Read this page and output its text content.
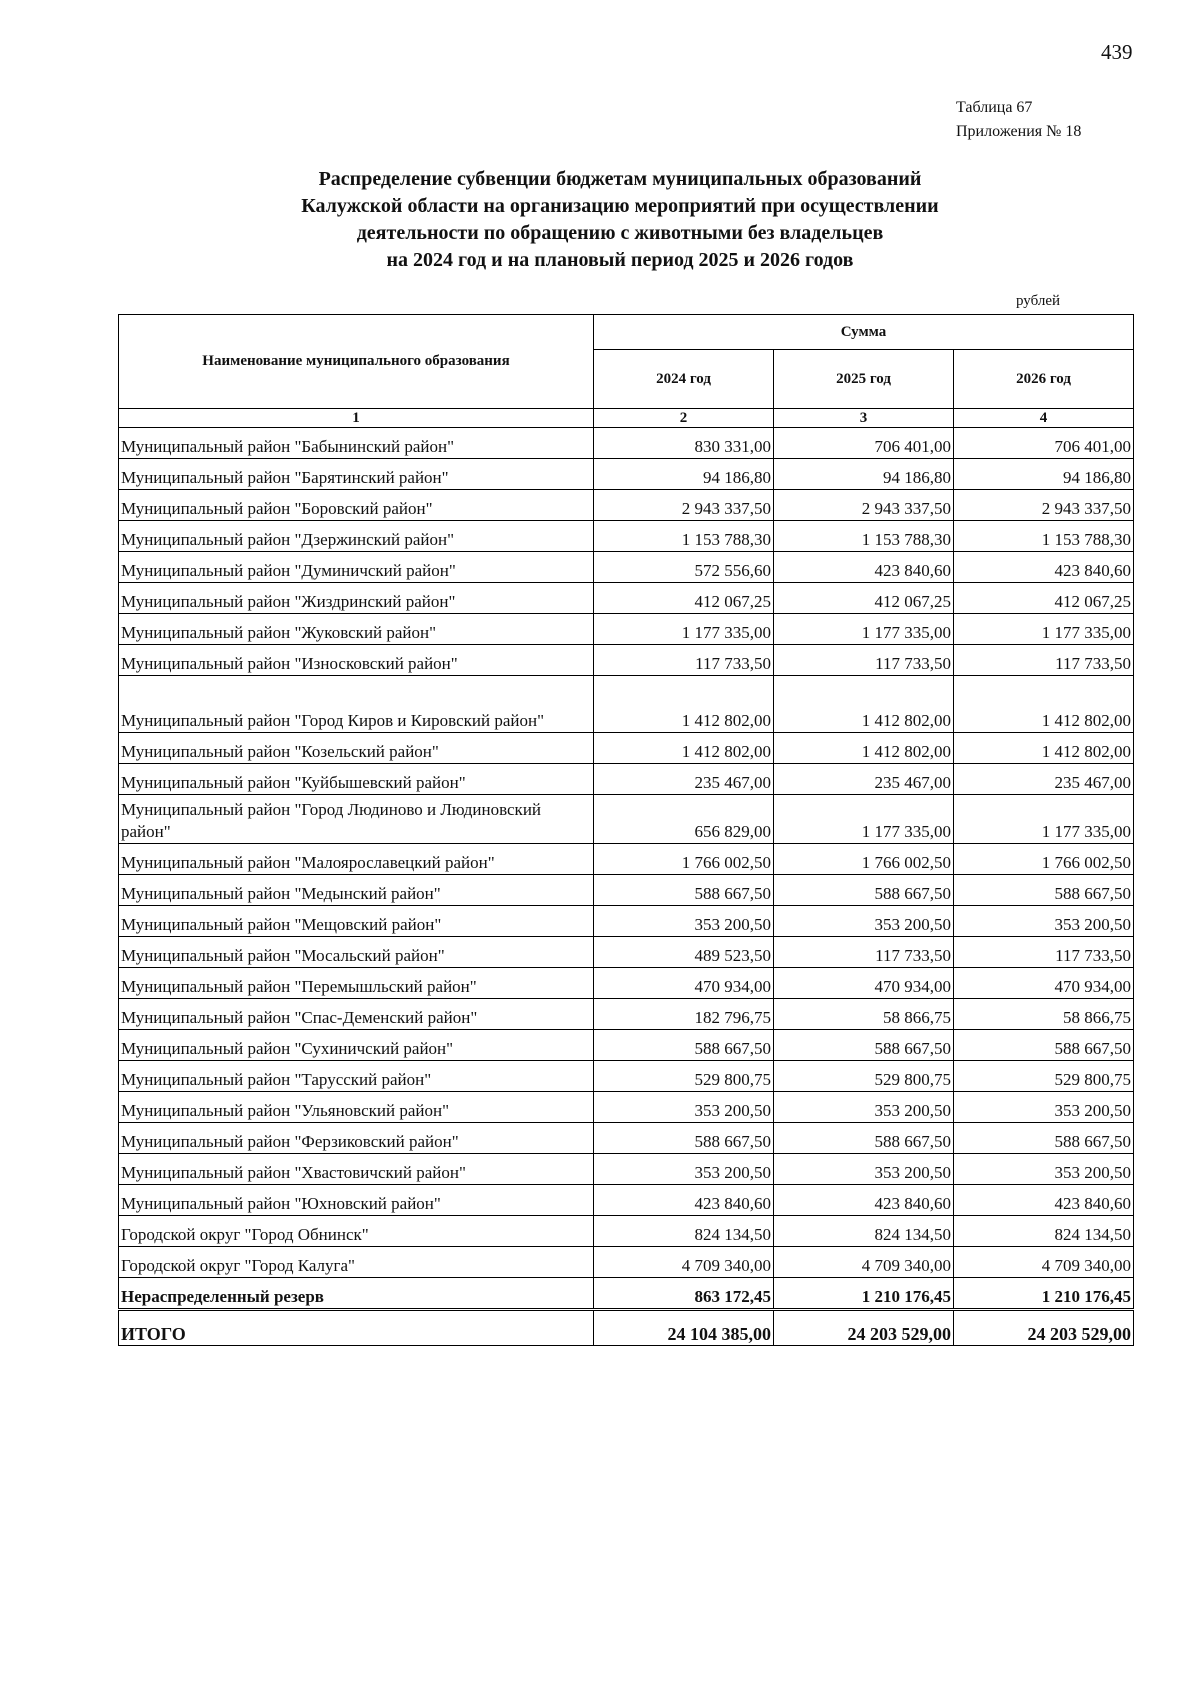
439
Таблица 67
Приложения № 18
Распределение субвенции бюджетам муниципальных образований
Калужской области на организацию мероприятий при осуществлении
деятельности по обращению с животными без владельцев
на 2024 год и на плановый период 2025 и 2026 годов
рублей
Наименование муниципального образования	Сумма		
	2024 год	2025 год	2026 год
1	2	3	4
Муниципальный район "Бабынинский район"	830 331,00	706 401,00	706 401,00
Муниципальный район "Барятинский район"	94 186,80	94 186,80	94 186,80
Муниципальный район "Боровский район"	2 943 337,50	2 943 337,50	2 943 337,50
Муниципальный район "Дзержинский район"	1 153 788,30	1 153 788,30	1 153 788,30
Муниципальный район "Думиничский район"	572 556,60	423 840,60	423 840,60
Муниципальный район "Жиздринский район"	412 067,25	412 067,25	412 067,25
Муниципальный район "Жуковский район"	1 177 335,00	1 177 335,00	1 177 335,00
Муниципальный район "Износковский район"	117 733,50	117 733,50	117 733,50
Муниципальный район "Город Киров и Кировский район"	1 412 802,00	1 412 802,00	1 412 802,00
Муниципальный район "Козельский район"	1 412 802,00	1 412 802,00	1 412 802,00
Муниципальный район "Куйбышевский район"	235 467,00	235 467,00	235 467,00
Муниципальный район "Город Людиново и Людиновский район"	656 829,00	1 177 335,00	1 177 335,00
Муниципальный район "Малоярославецкий район"	1 766 002,50	1 766 002,50	1 766 002,50
Муниципальный район "Медынский район"	588 667,50	588 667,50	588 667,50
Муниципальный район "Мещовский район"	353 200,50	353 200,50	353 200,50
Муниципальный район "Мосальский район"	489 523,50	117 733,50	117 733,50
Муниципальный район "Перемышльский район"	470 934,00	470 934,00	470 934,00
Муниципальный район "Спас-Деменский район"	182 796,75	58 866,75	58 866,75
Муниципальный район "Сухиничский район"	588 667,50	588 667,50	588 667,50
Муниципальный район "Тарусский район"	529 800,75	529 800,75	529 800,75
Муниципальный район "Ульяновский район"	353 200,50	353 200,50	353 200,50
Муниципальный район "Ферзиковский район"	588 667,50	588 667,50	588 667,50
Муниципальный район "Хвастовичский район"	353 200,50	353 200,50	353 200,50
Муниципальный район "Юхновский район"	423 840,60	423 840,60	423 840,60
Городской округ "Город Обнинск"	824 134,50	824 134,50	824 134,50
Городской округ "Город Калуга"	4 709 340,00	4 709 340,00	4 709 340,00
Нераспределенный резерв	863 172,45	1 210 176,45	1 210 176,45
ИТОГО	24 104 385,00	24 203 529,00	24 203 529,00
